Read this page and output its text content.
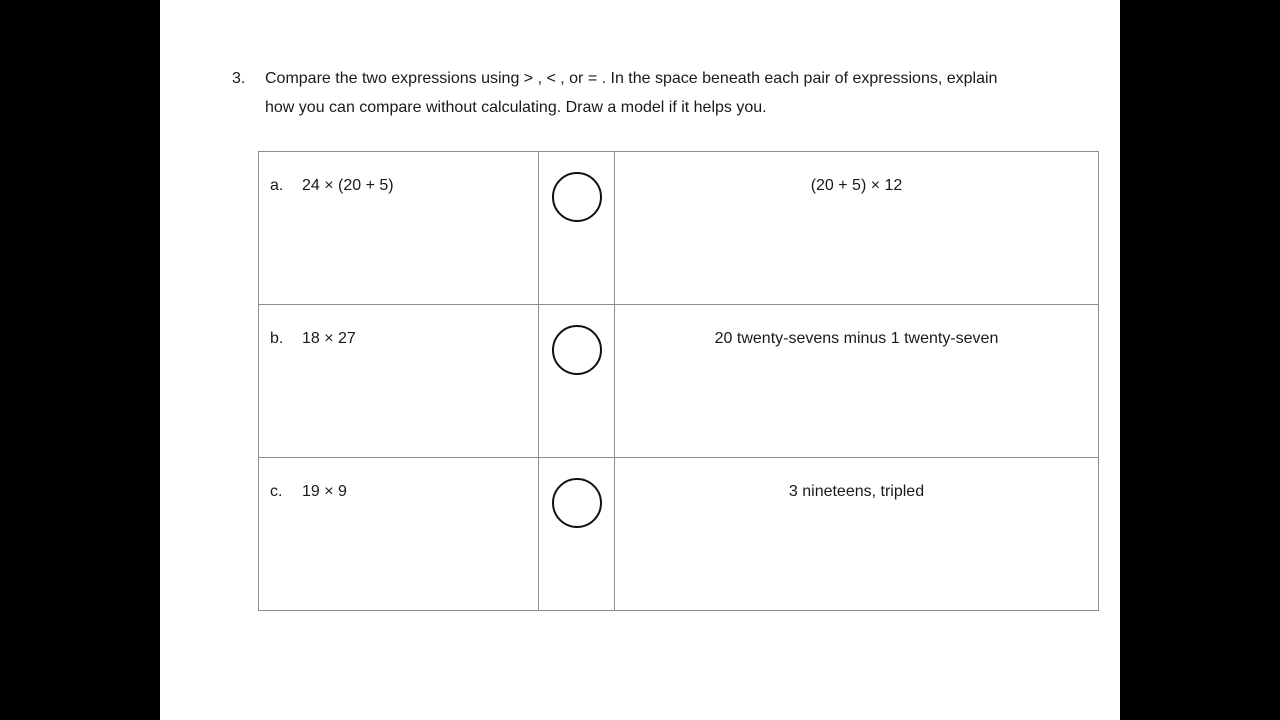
3. Compare the two expressions using > , < , or = . In the space beneath each pair of expressions, explain
how you can compare without calculating. Draw a model if it helps you.
a. 24 × (20 + 5)		(20 + 5) × 12

b. 18 × 27		20 twenty-sevens minus 1 twenty-seven

c. 19 × 9		3 nineteens, tripled
